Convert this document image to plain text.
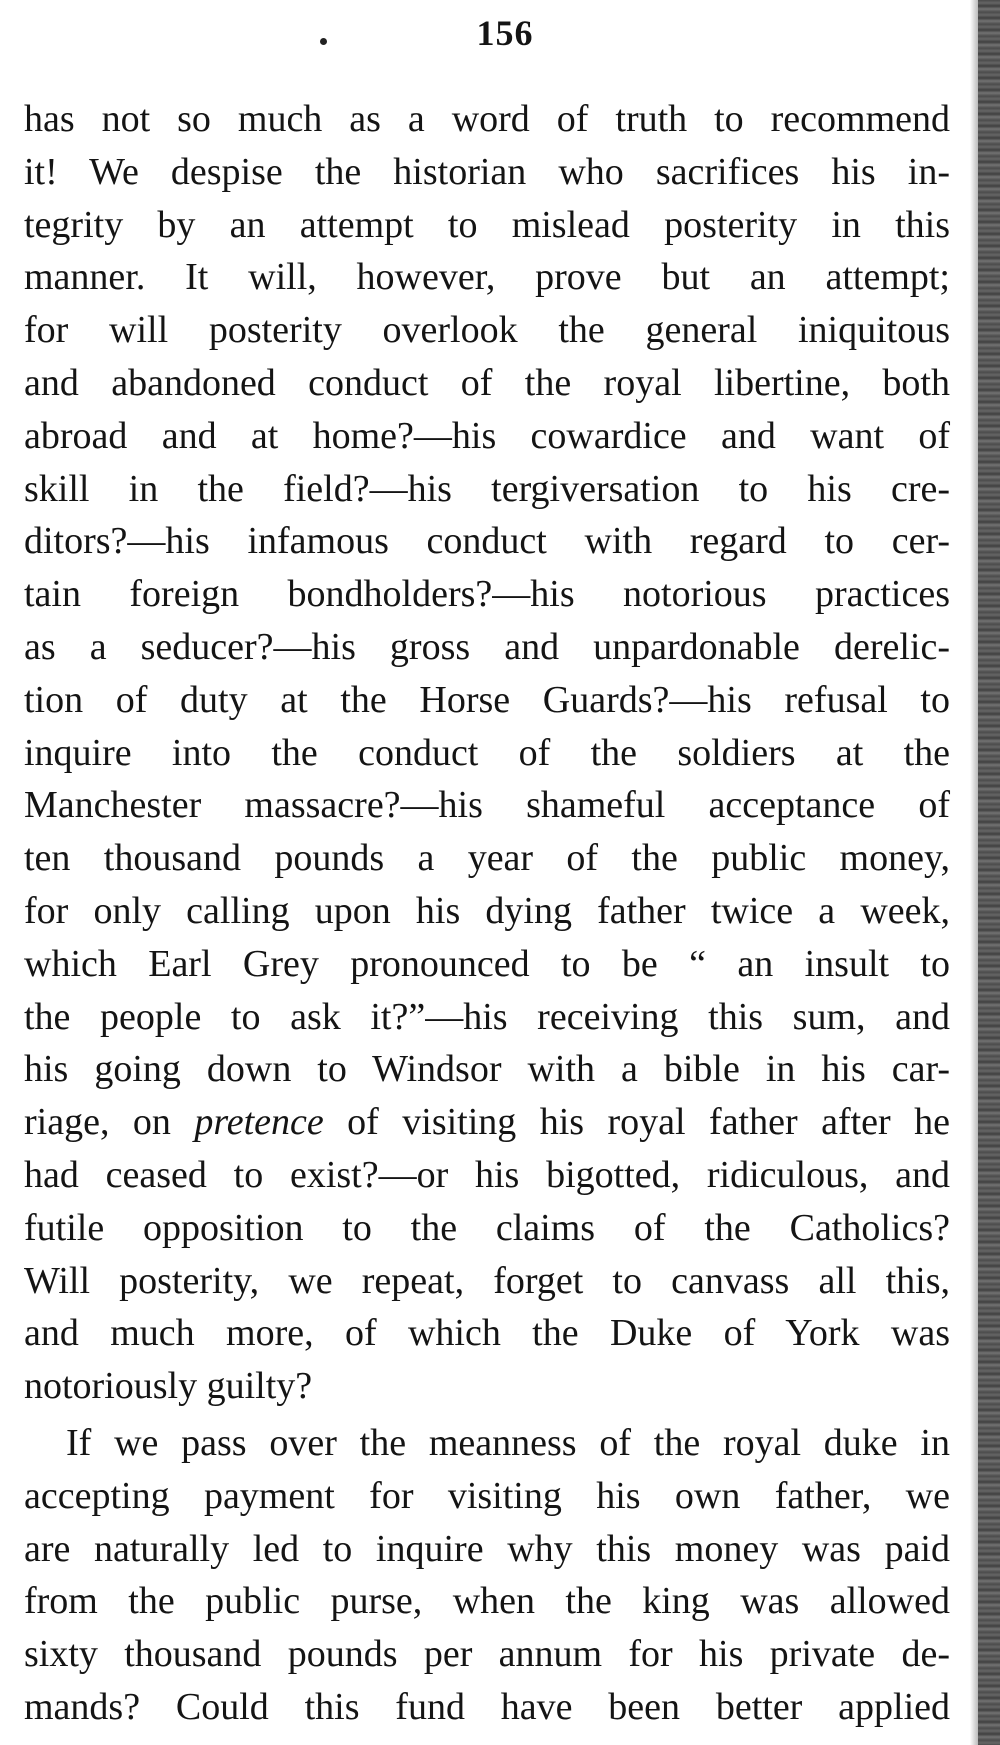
156
has not so much as a word of truth to recommend
it! We despise the historian who sacrifices his in-
tegrity by an attempt to mislead posterity in this
manner. It will, however, prove but an attempt;
for will posterity overlook the general iniquitous
and abandoned conduct of the royal libertine, both
abroad and at home?—his cowardice and want of
skill in the field?—his tergiversation to his cre-
ditors?—his infamous conduct with regard to cer-
tain foreign bondholders?—his notorious practices
as a seducer?—his gross and unpardonable derelic-
tion of duty at the Horse Guards?—his refusal to
inquire into the conduct of the soldiers at the
Manchester massacre?—his shameful acceptance of
ten thousand pounds a year of the public money,
for only calling upon his dying father twice a week,
which Earl Grey pronounced to be “ an insult to
the people to ask it?”—his receiving this sum, and
his going down to Windsor with a bible in his car-
riage, on pretence of visiting his royal father after he
had ceased to exist?—or his bigotted, ridiculous, and
futile opposition to the claims of the Catholics?
Will posterity, we repeat, forget to canvass all this,
and much more, of which the Duke of York was
notoriously guilty?
If we pass over the meanness of the royal duke in
accepting payment for visiting his own father, we
are naturally led to inquire why this money was paid
from the public purse, when the king was allowed
sixty thousand pounds per annum for his private de-
mands? Could this fund have been better applied
